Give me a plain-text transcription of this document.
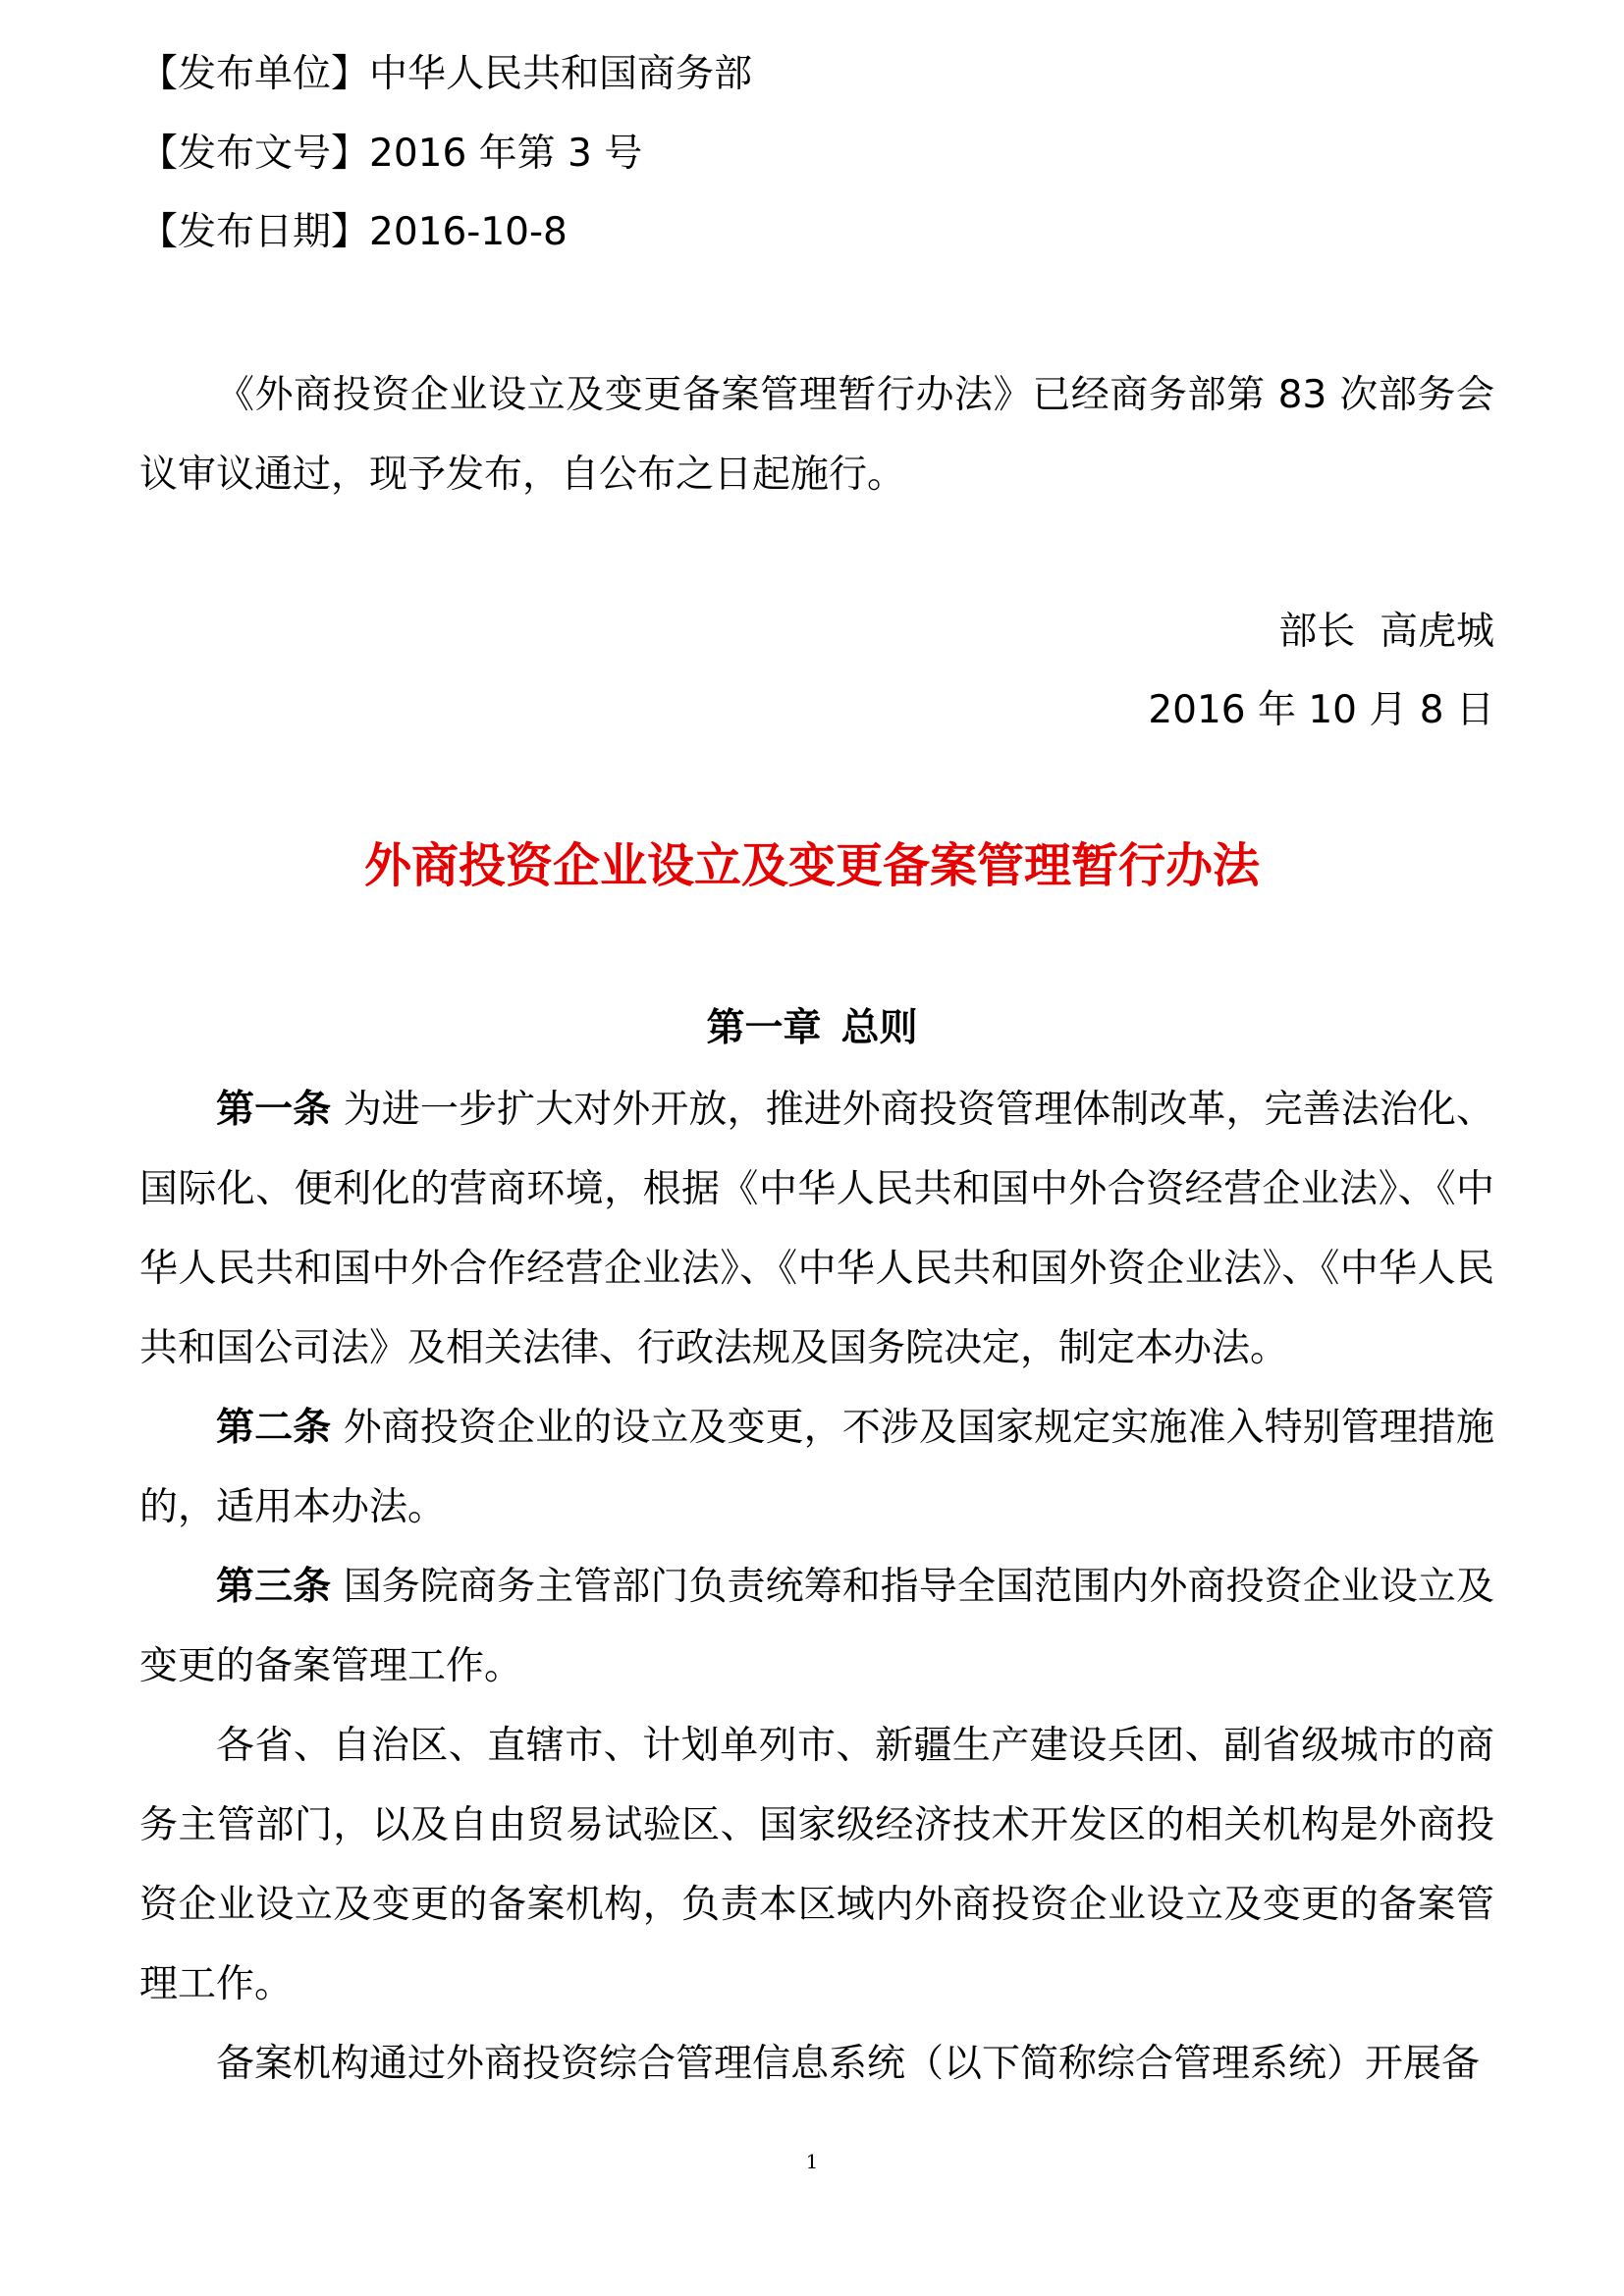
【发布单位】中华人民共和国商务部
【发布文号】2016 年第 3 号
【发布日期】2016-10-8

《外商投资企业设立及变更备案管理暂行办法》已经商务部第 83 次部务会议审议通过，现予发布，自公布之日起施行。

部长  高虎城
2016 年 10 月 8 日
外商投资企业设立及变更备案管理暂行办法
第一章 总则

第一条 为进一步扩大对外开放，推进外商投资管理体制改革，完善法治化、国际化、便利化的营商环境，根据《中华人民共和国中外合资经营企业法》、《中华人民共和国中外合作经营企业法》、《中华人民共和国外资企业法》、《中华人民共和国公司法》及相关法律、行政法规及国务院决定，制定本办法。

第二条 外商投资企业的设立及变更，不涉及国家规定实施准入特别管理措施的，适用本办法。

第三条 国务院商务主管部门负责统筹和指导全国范围内外商投资企业设立及变更的备案管理工作。

各省、自治区、直辖市、计划单列市、新疆生产建设兵团、副省级城市的商务主管部门，以及自由贸易试验区、国家级经济技术开发区的相关机构是外商投资企业设立及变更的备案机构，负责本区域内外商投资企业设立及变更的备案管理工作。

备案机构通过外商投资综合管理信息系统（以下简称综合管理系统）开展备

1
